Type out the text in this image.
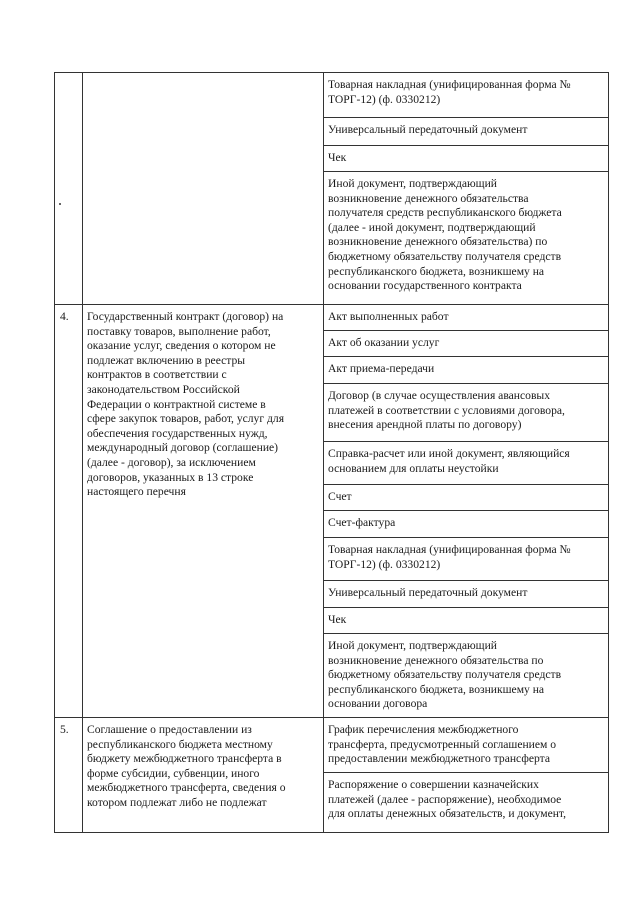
Товарная накладная (унифицированная форма №
ТОРГ-12) (ф. 0330212)
Универсальный передаточный документ
Чек
Иной документ, подтверждающий
возникновение денежного обязательства
получателя средств республиканского бюджета
(далее - иной документ, подтверждающий
возникновение денежного обязательства) по
бюджетному обязательству получателя средств
республиканского бюджета, возникшему на
основании государственного контракта
4. Государственный контракт (договор) на
поставку товаров, выполнение работ,
оказание услуг, сведения о котором не
подлежат включению в реестры
контрактов в соответствии с
законодательством Российской
Федерации о контрактной системе в
сфере закупок товаров, работ, услуг для
обеспечения государственных нужд,
международный договор (соглашение)
(далее - договор), за исключением
договоров, указанных в 13 строке
настоящего перечня
Акт выполненных работ
Акт об оказании услуг
Акт приема-передачи
Договор (в случае осуществления авансовых
платежей в соответствии с условиями договора,
внесения арендной платы по договору)
Справка-расчет или иной документ, являющийся
основанием для оплаты неустойки
Счет
Счет-фактура
Товарная накладная (унифицированная форма №
ТОРГ-12) (ф. 0330212)
Универсальный передаточный документ
Чек
Иной документ, подтверждающий
возникновение денежного обязательства по
бюджетному обязательству получателя средств
республиканского бюджета, возникшему на
основании договора
5. Соглашение о предоставлении из
республиканского бюджета местному
бюджету межбюджетного трансферта в
форме субсидии, субвенции, иного
межбюджетного трансферта, сведения о
котором подлежат либо не подлежат
График перечисления межбюджетного
трансферта, предусмотренный соглашением о
предоставлении межбюджетного трансферта
Распоряжение о совершении казначейских
платежей (далее - распоряжение), необходимое
для оплаты денежных обязательств, и документ,
